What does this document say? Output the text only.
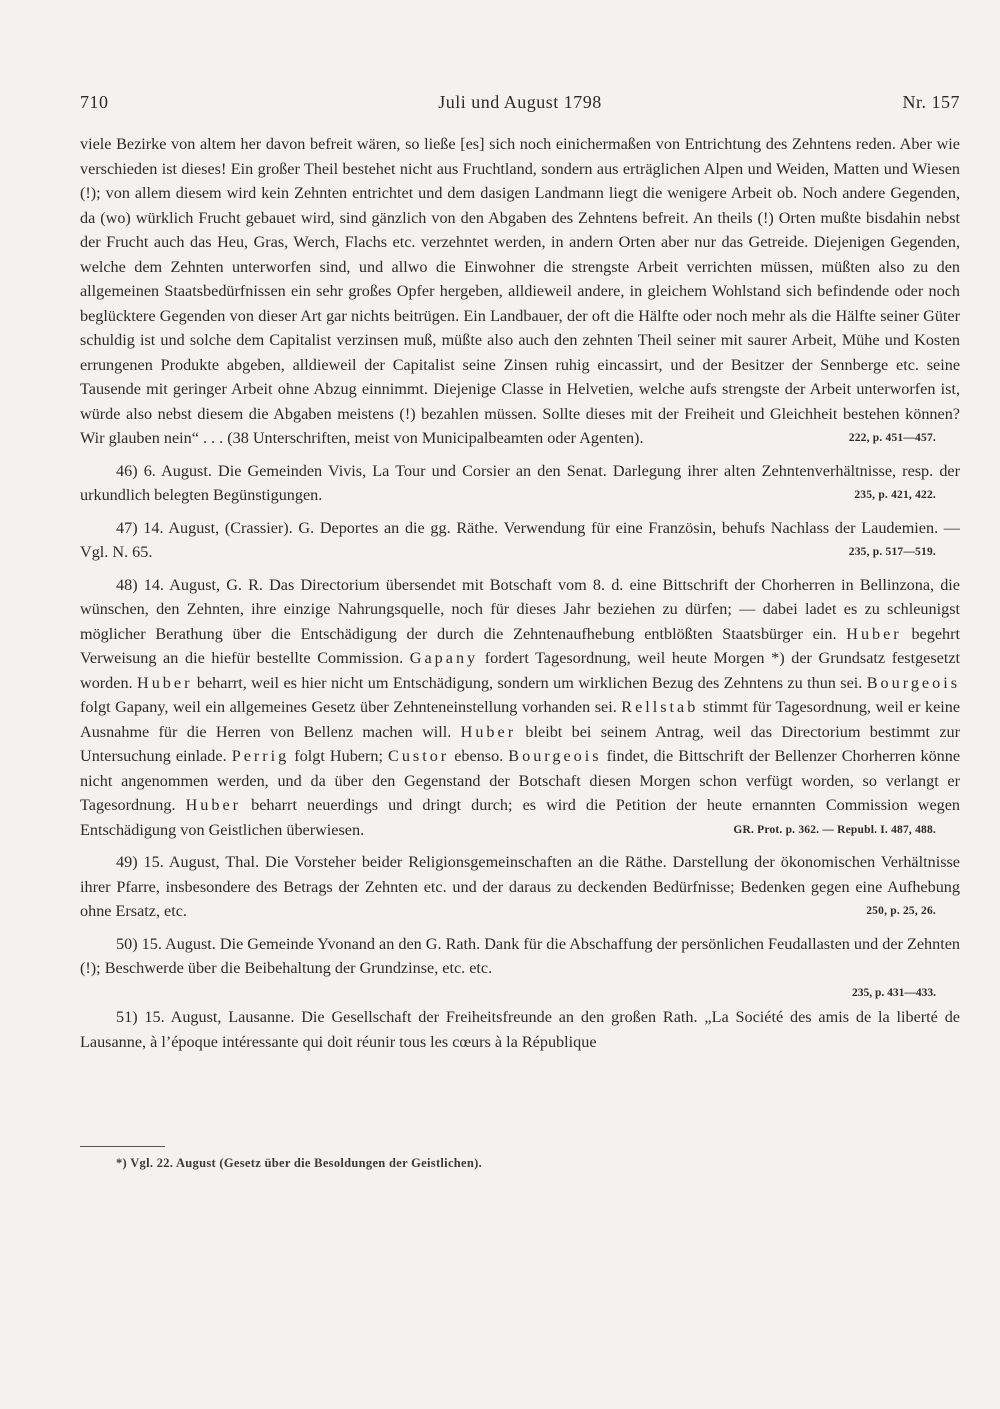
710	Juli und August 1798	Nr. 157

viele Bezirke von altem her davon befreit wären, so ließe [es] sich noch einichermaßen von Entrichtung des Zehntens reden. Aber wie verschieden ist dieses! Ein großer Theil bestehet nicht aus Fruchtland, sondern aus erträglichen Alpen und Weiden, Matten und Wiesen (!); von allem diesem wird kein Zehnten entrichtet und dem dasigen Landmann liegt die wenigere Arbeit ob. Noch andere Gegenden, da (wo) würklich Frucht gebauet wird, sind gänzlich von den Abgaben des Zehntens befreit. An theils (!) Orten mußte bisdahin nebst der Frucht auch das Heu, Gras, Werch, Flachs etc. verzehntet werden, in andern Orten aber nur das Getreide. Diejenigen Gegenden, welche dem Zehnten unterworfen sind, und allwo die Einwohner die strengste Arbeit verrichten müssen, müßten also zu den allgemeinen Staatsbedürfnissen ein sehr großes Opfer hergeben, alldieweil andere, in gleichem Wohlstand sich befindende oder noch beglücktere Gegenden von dieser Art gar nichts beitrügen. Ein Landbauer, der oft die Hälfte oder noch mehr als die Hälfte seiner Güter schuldig ist und solche dem Capitalist verzinsen muß, müßte also auch den zehnten Theil seiner mit saurer Arbeit, Mühe und Kosten errungenen Produkte abgeben, alldieweil der Capitalist seine Zinsen ruhig eincassirt, und der Besitzer der Sennberge etc. seine Tausende mit geringer Arbeit ohne Abzug einnimmt. Diejenige Classe in Helvetien, welche aufs strengste der Arbeit unterworfen ist, würde also nebst diesem die Abgaben meistens (!) bezahlen müssen. Sollte dieses mit der Freiheit und Gleichheit bestehen können? Wir glauben nein“ . . . (38 Unterschriften, meist von Municipalbeamten oder Agenten).	222, p. 451—457.

46) 6. August. Die Gemeinden Vivis, La Tour und Corsier an den Senat. Darlegung ihrer alten Zehntenverhältnisse, resp. der urkundlich belegten Begünstigungen.	235, p. 421, 422.

47) 14. August, (Crassier). G. Deportes an die gg. Räthe. Verwendung für eine Französin, behufs Nachlass der Laudemien. — Vgl. N. 65.	235, p. 517—519.

48) 14. August, G. R. Das Directorium übersendet mit Botschaft vom 8. d. eine Bittschrift der Chorherren in Bellinzona, die wünschen, den Zehnten, ihre einzige Nahrungsquelle, noch für dieses Jahr beziehen zu dürfen; — dabei ladet es zu schleunigst möglicher Berathung über die Entschädigung der durch die Zehntenaufhebung entblößten Staatsbürger ein. Huber begehrt Verweisung an die hiefür bestellte Commission. Gapany fordert Tagesordnung, weil heute Morgen *) der Grundsatz festgesetzt worden. Huber beharrt, weil es hier nicht um Entschädigung, sondern um wirklichen Bezug des Zehntens zu thun sei. Bourgeois folgt Gapany, weil ein allgemeines Gesetz über Zehnteneinstellung vorhanden sei. Rellstab stimmt für Tagesordnung, weil er keine Ausnahme für die Herren von Bellenz machen will. Huber bleibt bei seinem Antrag, weil das Directorium bestimmt zur Untersuchung einlade. Perrig folgt Hubern; Custor ebenso. Bourgeois findet, die Bittschrift der Bellenzer Chorherren könne nicht angenommen werden, und da über den Gegenstand der Botschaft diesen Morgen schon verfügt worden, so verlangt er Tagesordnung. Huber beharrt neuerdings und dringt durch; es wird die Petition der heute ernannten Commission wegen Entschädigung von Geistlichen überwiesen.	GR. Prot. p. 362. — Republ. I. 487, 488.

49) 15. August, Thal. Die Vorsteher beider Religionsgemeinschaften an die Räthe. Darstellung der ökonomischen Verhältnisse ihrer Pfarre, insbesondere des Betrags der Zehnten etc. und der daraus zu deckenden Bedürfnisse; Bedenken gegen eine Aufhebung ohne Ersatz, etc.	250, p. 25, 26.

50) 15. August. Die Gemeinde Yvonand an den G. Rath. Dank für die Abschaffung der persönlichen Feudallasten und der Zehnten (!); Beschwerde über die Beibehaltung der Grundzinse, etc. etc.

235, p. 431—433.

51) 15. August, Lausanne. Die Gesellschaft der Freiheitsfreunde an den großen Rath. „La Société des amis de la liberté de Lausanne, à l’époque intéressante qui doit réunir tous les cœurs à la République

*) Vgl. 22. August (Gesetz über die Besoldungen der Geistlichen).
